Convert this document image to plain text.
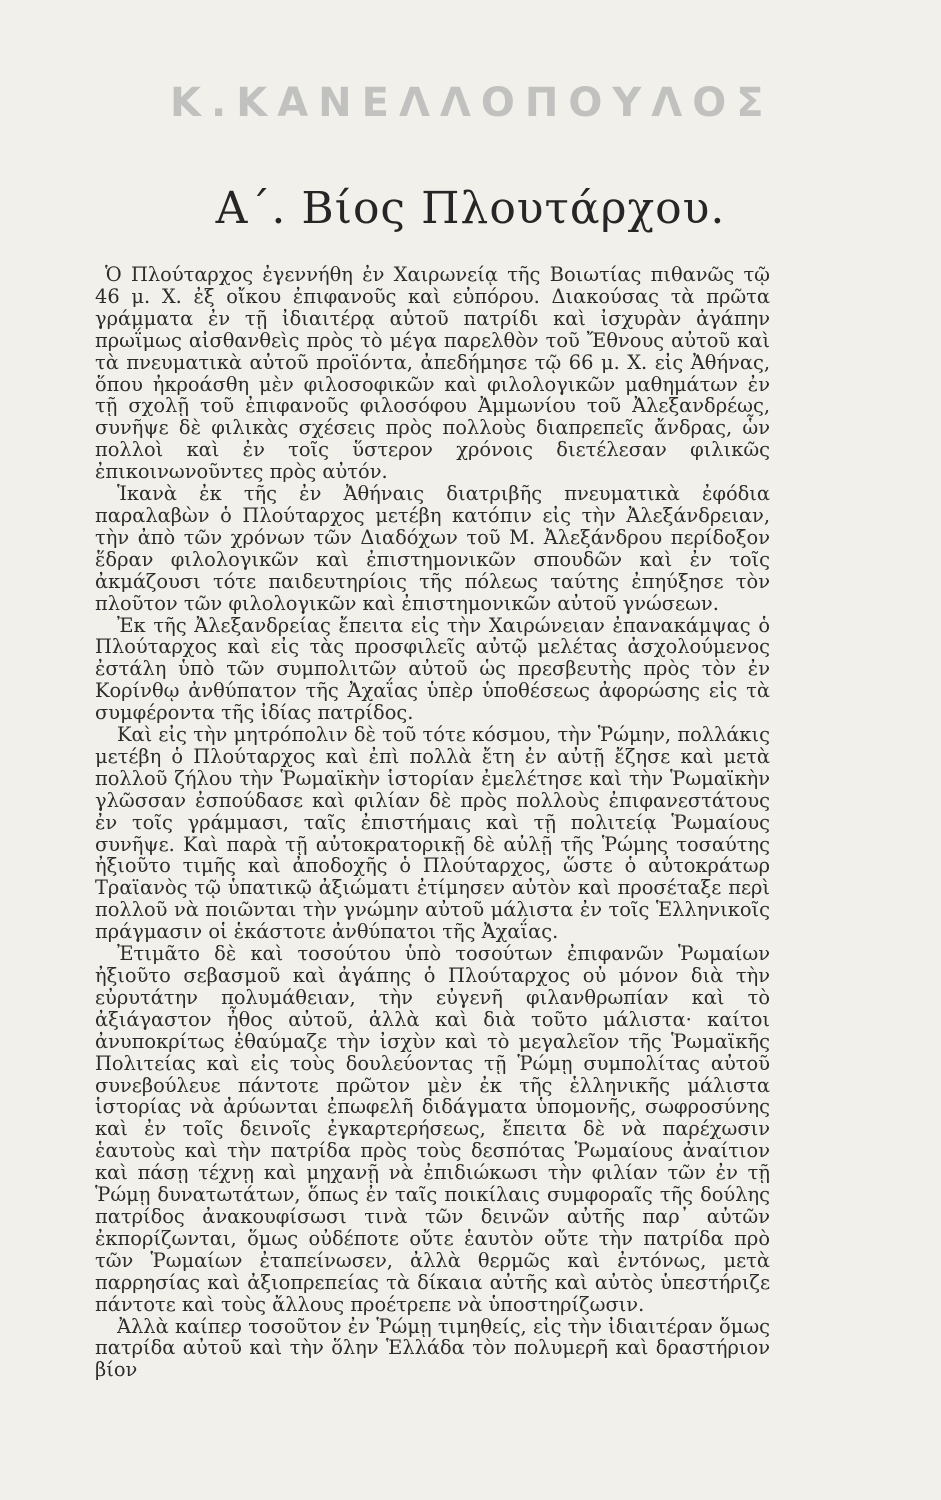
Κ.ΚΑΝΕΛΛΟΠΟΥΛΟΣ
Α΄. Βίος Πλουτάρχου.

Ὁ Πλούταρχος ἐγεννήθη ἐν Χαιρωνείᾳ τῆς Βοιωτίας πιθανῶς τῷ 46 μ. Χ. ἐξ οἴκου ἐπιφανοῦς καὶ εὐπόρου. Διακούσας τὰ πρῶτα γράμματα ἐν τῇ ἰδιαιτέρᾳ αὐτοῦ πατρίδι καὶ ἰσχυρὰν ἀγάπην πρωΐμως αἰσθανθεὶς πρὸς τὸ μέγα παρελθὸν τοῦ Ἔθνους αὐτοῦ καὶ τὰ πνευματικὰ αὐτοῦ προϊόντα, ἀπεδήμησε τῷ 66 μ. Χ. εἰς Ἀθήνας, ὅπου ἠκροάσθη μὲν φιλοσοφικῶν καὶ φιλολογικῶν μαθημάτων ἐν τῇ σχολῇ τοῦ ἐπιφανοῦς φιλοσόφου Ἀμμωνίου τοῦ Ἀλεξανδρέως, συνῆψε δὲ φιλικὰς σχέσεις πρὸς πολλοὺς διαπρεπεῖς ἄνδρας, ὧν πολλοὶ καὶ ἐν τοῖς ὕστερον χρόνοις διετέλεσαν φιλικῶς ἐπικοινωνοῦντες πρὸς αὐτόν.

Ἱκανὰ ἐκ τῆς ἐν Ἀθήναις διατριβῆς πνευματικὰ ἐφόδια παραλαβὼν ὁ Πλούταρχος μετέβη κατόπιν εἰς τὴν Ἀλεξάνδρειαν, τὴν ἀπὸ τῶν χρόνων τῶν Διαδόχων τοῦ Μ. Ἀλεξάνδρου περίδοξον ἕδραν φιλολογικῶν καὶ ἐπιστημονικῶν σπουδῶν καὶ ἐν τοῖς ἀκμάζουσι τότε παιδευτηρίοις τῆς πόλεως ταύτης ἐπηύξησε τὸν πλοῦτον τῶν φιλολογικῶν καὶ ἐπιστημονικῶν αὐτοῦ γνώσεων.

Ἐκ τῆς Ἀλεξανδρείας ἔπειτα εἰς τὴν Χαιρώνειαν ἐπανακάμψας ὁ Πλούταρχος καὶ εἰς τὰς προσφιλεῖς αὐτῷ μελέτας ἀσχολούμενος ἐστάλη ὑπὸ τῶν συμπολιτῶν αὐτοῦ ὡς πρεσβευτὴς πρὸς τὸν ἐν Κορίνθῳ ἀνθύπατον τῆς Ἀχαΐας ὑπὲρ ὑποθέσεως ἀφορώσης εἰς τὰ συμφέροντα τῆς ἰδίας πατρίδος.

Καὶ εἰς τὴν μητρόπολιν δὲ τοῦ τότε κόσμου, τὴν Ῥώμην, πολλάκις μετέβη ὁ Πλούταρχος καὶ ἐπὶ πολλὰ ἔτη ἐν αὐτῇ ἔζησε καὶ μετὰ πολλοῦ ζήλου τὴν Ῥωμαϊκὴν ἱστορίαν ἐμελέτησε καὶ τὴν Ῥωμαϊκὴν γλῶσσαν ἐσπούδασε καὶ φιλίαν δὲ πρὸς πολλοὺς ἐπιφανεστάτους ἐν τοῖς γράμμασι, ταῖς ἐπιστήμαις καὶ τῇ πολιτείᾳ Ῥωμαίους συνῆψε. Καὶ παρὰ τῇ αὐτοκρατορικῇ δὲ αὐλῇ τῆς Ῥώμης τοσαύτης ἠξιοῦτο τιμῆς καὶ ἀποδοχῆς ὁ Πλούταρχος, ὥστε ὁ αὐτοκράτωρ Τραϊανὸς τῷ ὑπατικῷ ἀξιώματι ἐτίμησεν αὐτὸν καὶ προσέταξε περὶ πολλοῦ νὰ ποιῶνται τὴν γνώμην αὐτοῦ μάλιστα ἐν τοῖς Ἑλληνικοῖς πράγμασιν οἱ ἑκάστοτε ἀνθύπατοι τῆς Ἀχαΐας.

Ἐτιμᾶτο δὲ καὶ τοσούτου ὑπὸ τοσούτων ἐπιφανῶν Ῥωμαίων ἠξιοῦτο σεβασμοῦ καὶ ἀγάπης ὁ Πλούταρχος οὐ μόνον διὰ τὴν εὐρυτάτην πολυμάθειαν, τὴν εὐγενῆ φιλανθρωπίαν καὶ τὸ ἀξιάγαστον ἦθος αὐτοῦ, ἀλλὰ καὶ διὰ τοῦτο μάλιστα· καίτοι ἀνυποκρίτως ἐθαύμαζε τὴν ἰσχὺν καὶ τὸ μεγαλεῖον τῆς Ῥωμαϊκῆς Πολιτείας καὶ εἰς τοὺς δουλεύοντας τῇ Ῥώμῃ συμπολίτας αὐτοῦ συνεβούλευε πάντοτε πρῶτον μὲν ἐκ τῆς ἑλληνικῆς μάλιστα ἱστορίας νὰ ἀρύωνται ἐπωφελῆ διδάγματα ὑπομονῆς, σωφροσύνης καὶ ἐν τοῖς δεινοῖς ἐγκαρτερήσεως, ἔπειτα δὲ νὰ παρέχωσιν ἑαυτοὺς καὶ τὴν πατρίδα πρὸς τοὺς δεσπότας Ῥωμαίους ἀναίτιον καὶ πάσῃ τέχνῃ καὶ μηχανῇ νὰ ἐπιδιώκωσι τὴν φιλίαν τῶν ἐν τῇ Ῥώμῃ δυνατωτάτων, ὅπως ἐν ταῖς ποικίλαις συμφοραῖς τῆς δούλης πατρίδος ἀνακουφίσωσι τινὰ τῶν δεινῶν αὐτῆς παρ᾽ αὐτῶν ἐκπορίζωνται, ὅμως οὐδέποτε οὔτε ἑαυτὸν οὔτε τὴν πατρίδα πρὸ τῶν Ῥωμαίων ἐταπείνωσεν, ἀλλὰ θερμῶς καὶ ἐντόνως, μετὰ παρρησίας καὶ ἀξιοπρεπείας τὰ δίκαια αὐτῆς καὶ αὐτὸς ὑπεστήριζε πάντοτε καὶ τοὺς ἄλλους προέτρεπε νὰ ὑποστηρίζωσιν.

Ἀλλὰ καίπερ τοσοῦτον ἐν Ῥώμῃ τιμηθείς, εἰς τὴν ἰδιαιτέραν ὅμως πατρίδα αὐτοῦ καὶ τὴν ὅλην Ἑλλάδα τὸν πολυμερῆ καὶ δραστήριον βίον
